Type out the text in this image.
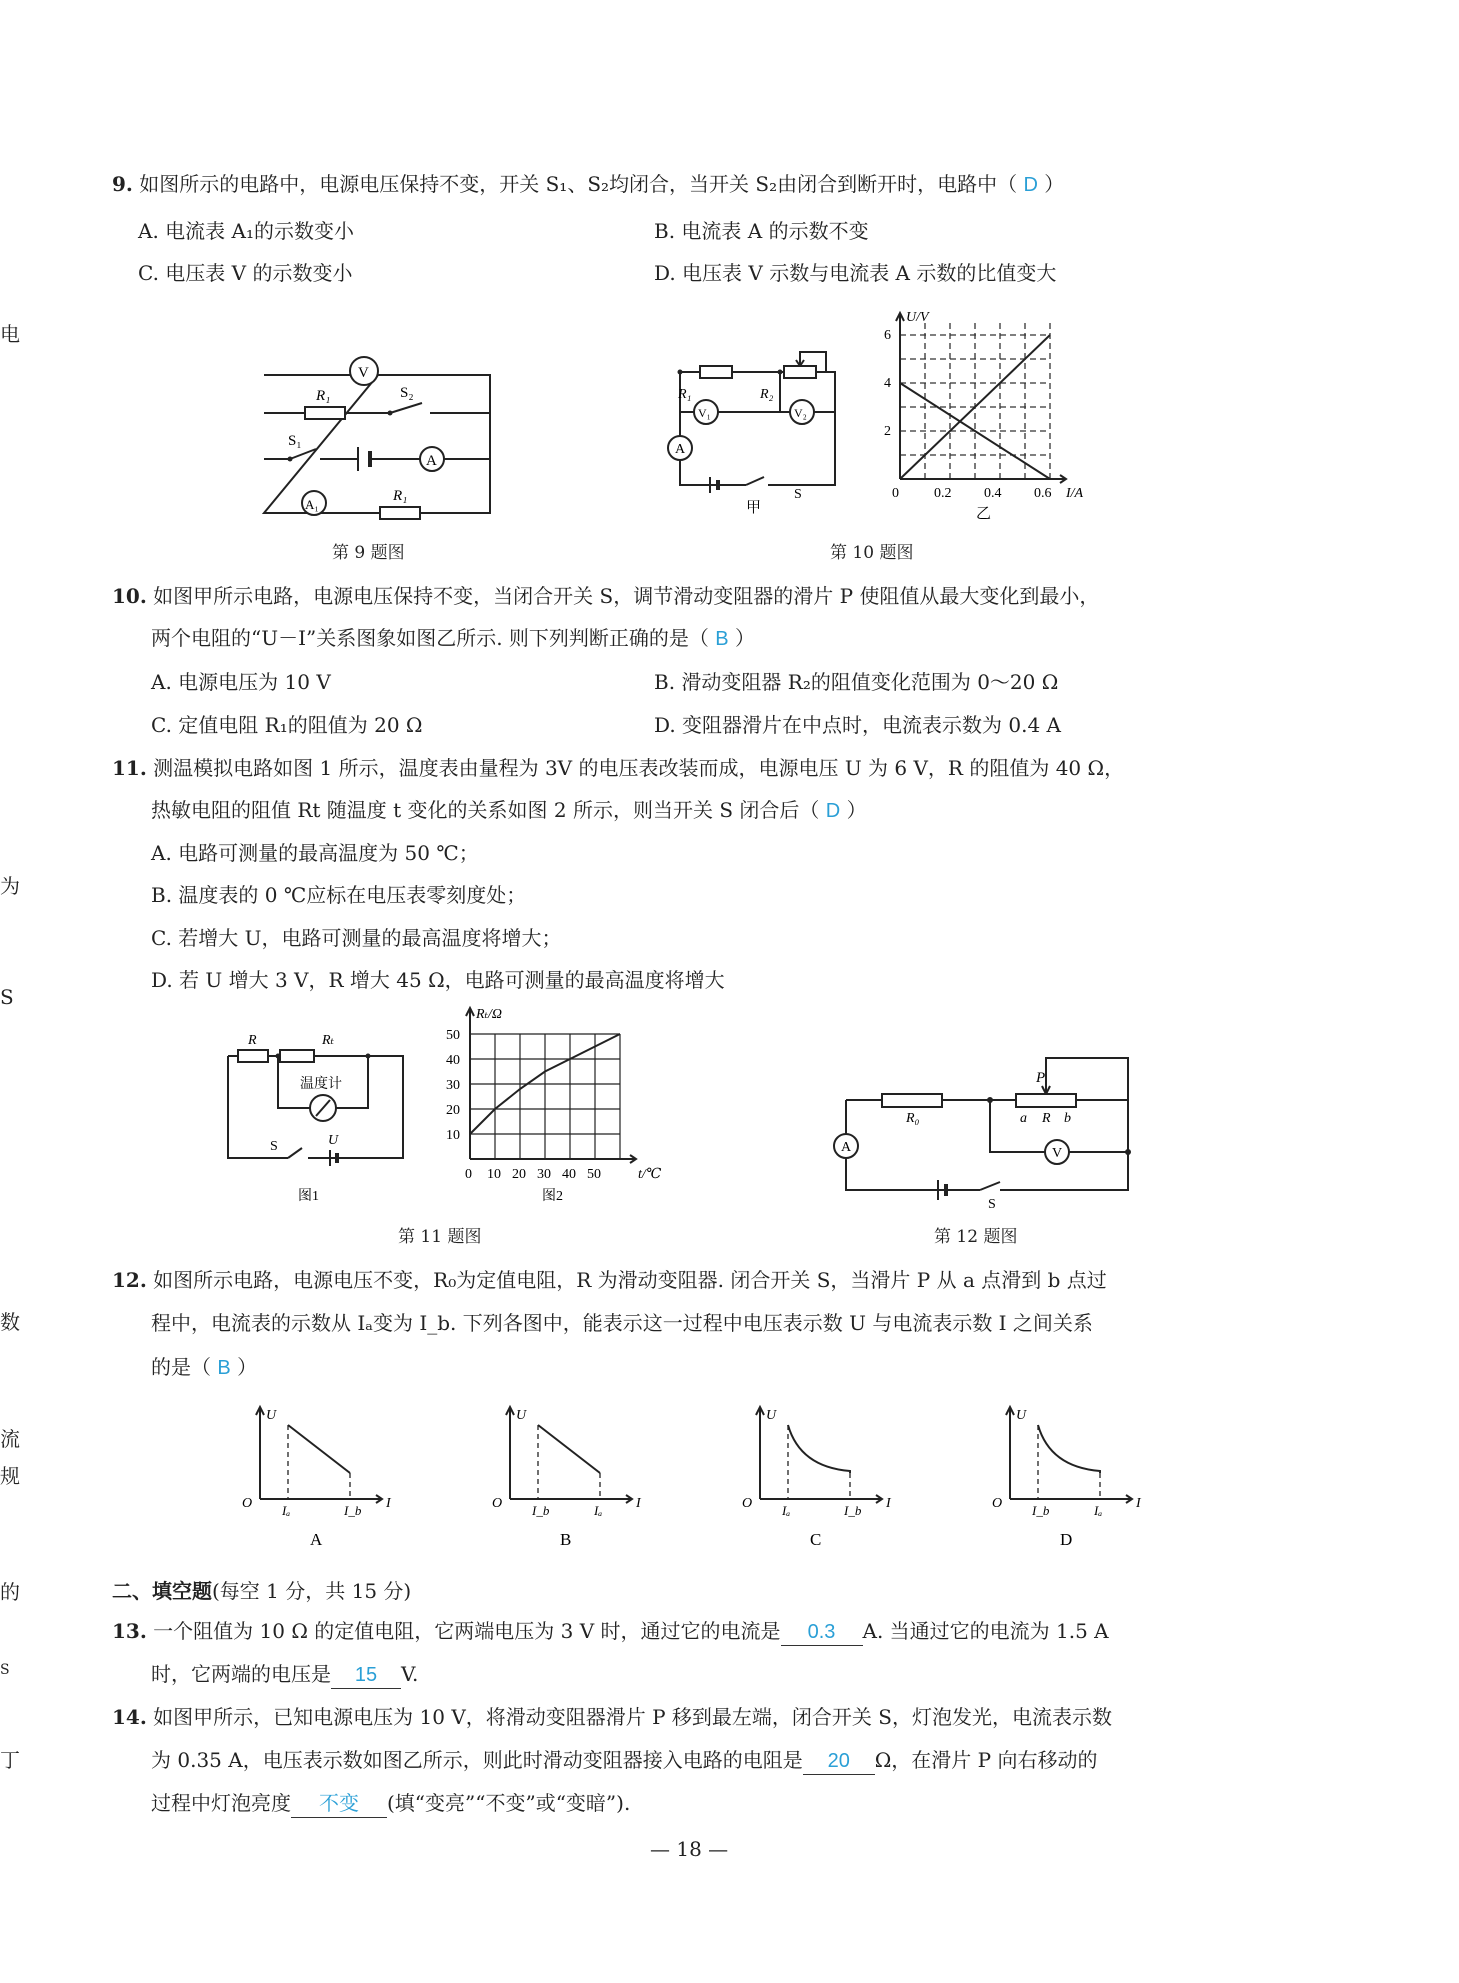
电
为
S
数
流
规
的
S
丁
9. 如图所示的电路中，电源电压保持不变，开关 S₁、S₂均闭合，当开关 S₂由闭合到断开时，电路中（ D ）
A. 电流表 A₁的示数变小	B. 电流表 A 的示数不变
C. 电压表 V 的示数变小	D. 电压表 V 示数与电流表 A 示数的比值变大
V
R₁	S₂
S₁
A
A₁
R₁
第 9 题图
R₁	R₂
V₁	V₂
A
S
甲
U/V
I/A
6
4
2
0	0.2 0.4 0.6
乙
第 10 题图
10. 如图甲所示电路，电源电压保持不变，当闭合开关 S，调节滑动变阻器的滑片 P 使阻值从最大变化到最小，
两个电阻的“U－I”关系图象如图乙所示. 则下列判断正确的是（ B ）
A. 电源电压为 10 V	B. 滑动变阻器 R₂的阻值变化范围为 0～20 Ω
C. 定值电阻 R₁的阻值为 20 Ω	D. 变阻器滑片在中点时，电流表示数为 0.4 A
11. 测温模拟电路如图 1 所示，温度表由量程为 3V 的电压表改装而成，电源电压 U 为 6 V，R 的阻值为 40 Ω，
热敏电阻的阻值 Rt 随温度 t 变化的关系如图 2 所示，则当开关 S 闭合后（ D ）
A. 电路可测量的最高温度为 50 ℃；
B. 温度表的 0 ℃应标在电压表零刻度处；
C. 若增大 U，电路可测量的最高温度将增大；
D. 若 U 增大 3 V，R 增大 45 Ω，电路可测量的最高温度将增大
R	Rₜ
温度计
S	U
图1
Rₜ/Ω
t/℃
50
40
30
20
10
0 10 20 30 40 50
图2
第 11 题图
P
R₀	a R b
A	V
S
第 12 题图
12. 如图所示电路，电源电压不变，R₀为定值电阻，R 为滑动变阻器. 闭合开关 S，当滑片 P 从 a 点滑到 b 点过
程中，电流表的示数从 Iₐ变为 I_b. 下列各图中，能表示这一过程中电压表示数 U 与电流表示数 I 之间关系
的是（ B ）
U
I
O Iₐ	I_b
A
U
I
O I_b	Iₐ
B
U
I
O Iₐ	I_b
C
U
I
O I_b	Iₐ
D
二、填空题(每空 1 分，共 15 分)
13. 一个阻值为 10 Ω 的定值电阻，它两端电压为 3 V 时，通过它的电流是 0.3 A. 当通过它的电流为 1.5 A
时，它两端的电压是 15 V.
14. 如图甲所示，已知电源电压为 10 V，将滑动变阻器滑片 P 移到最左端，闭合开关 S，灯泡发光，电流表示数
为 0.35 A，电压表示数如图乙所示，则此时滑动变阻器接入电路的电阻是 20 Ω，在滑片 P 向右移动的
过程中灯泡亮度 不变 (填“变亮”“不变”或“变暗”).
— 18 —
